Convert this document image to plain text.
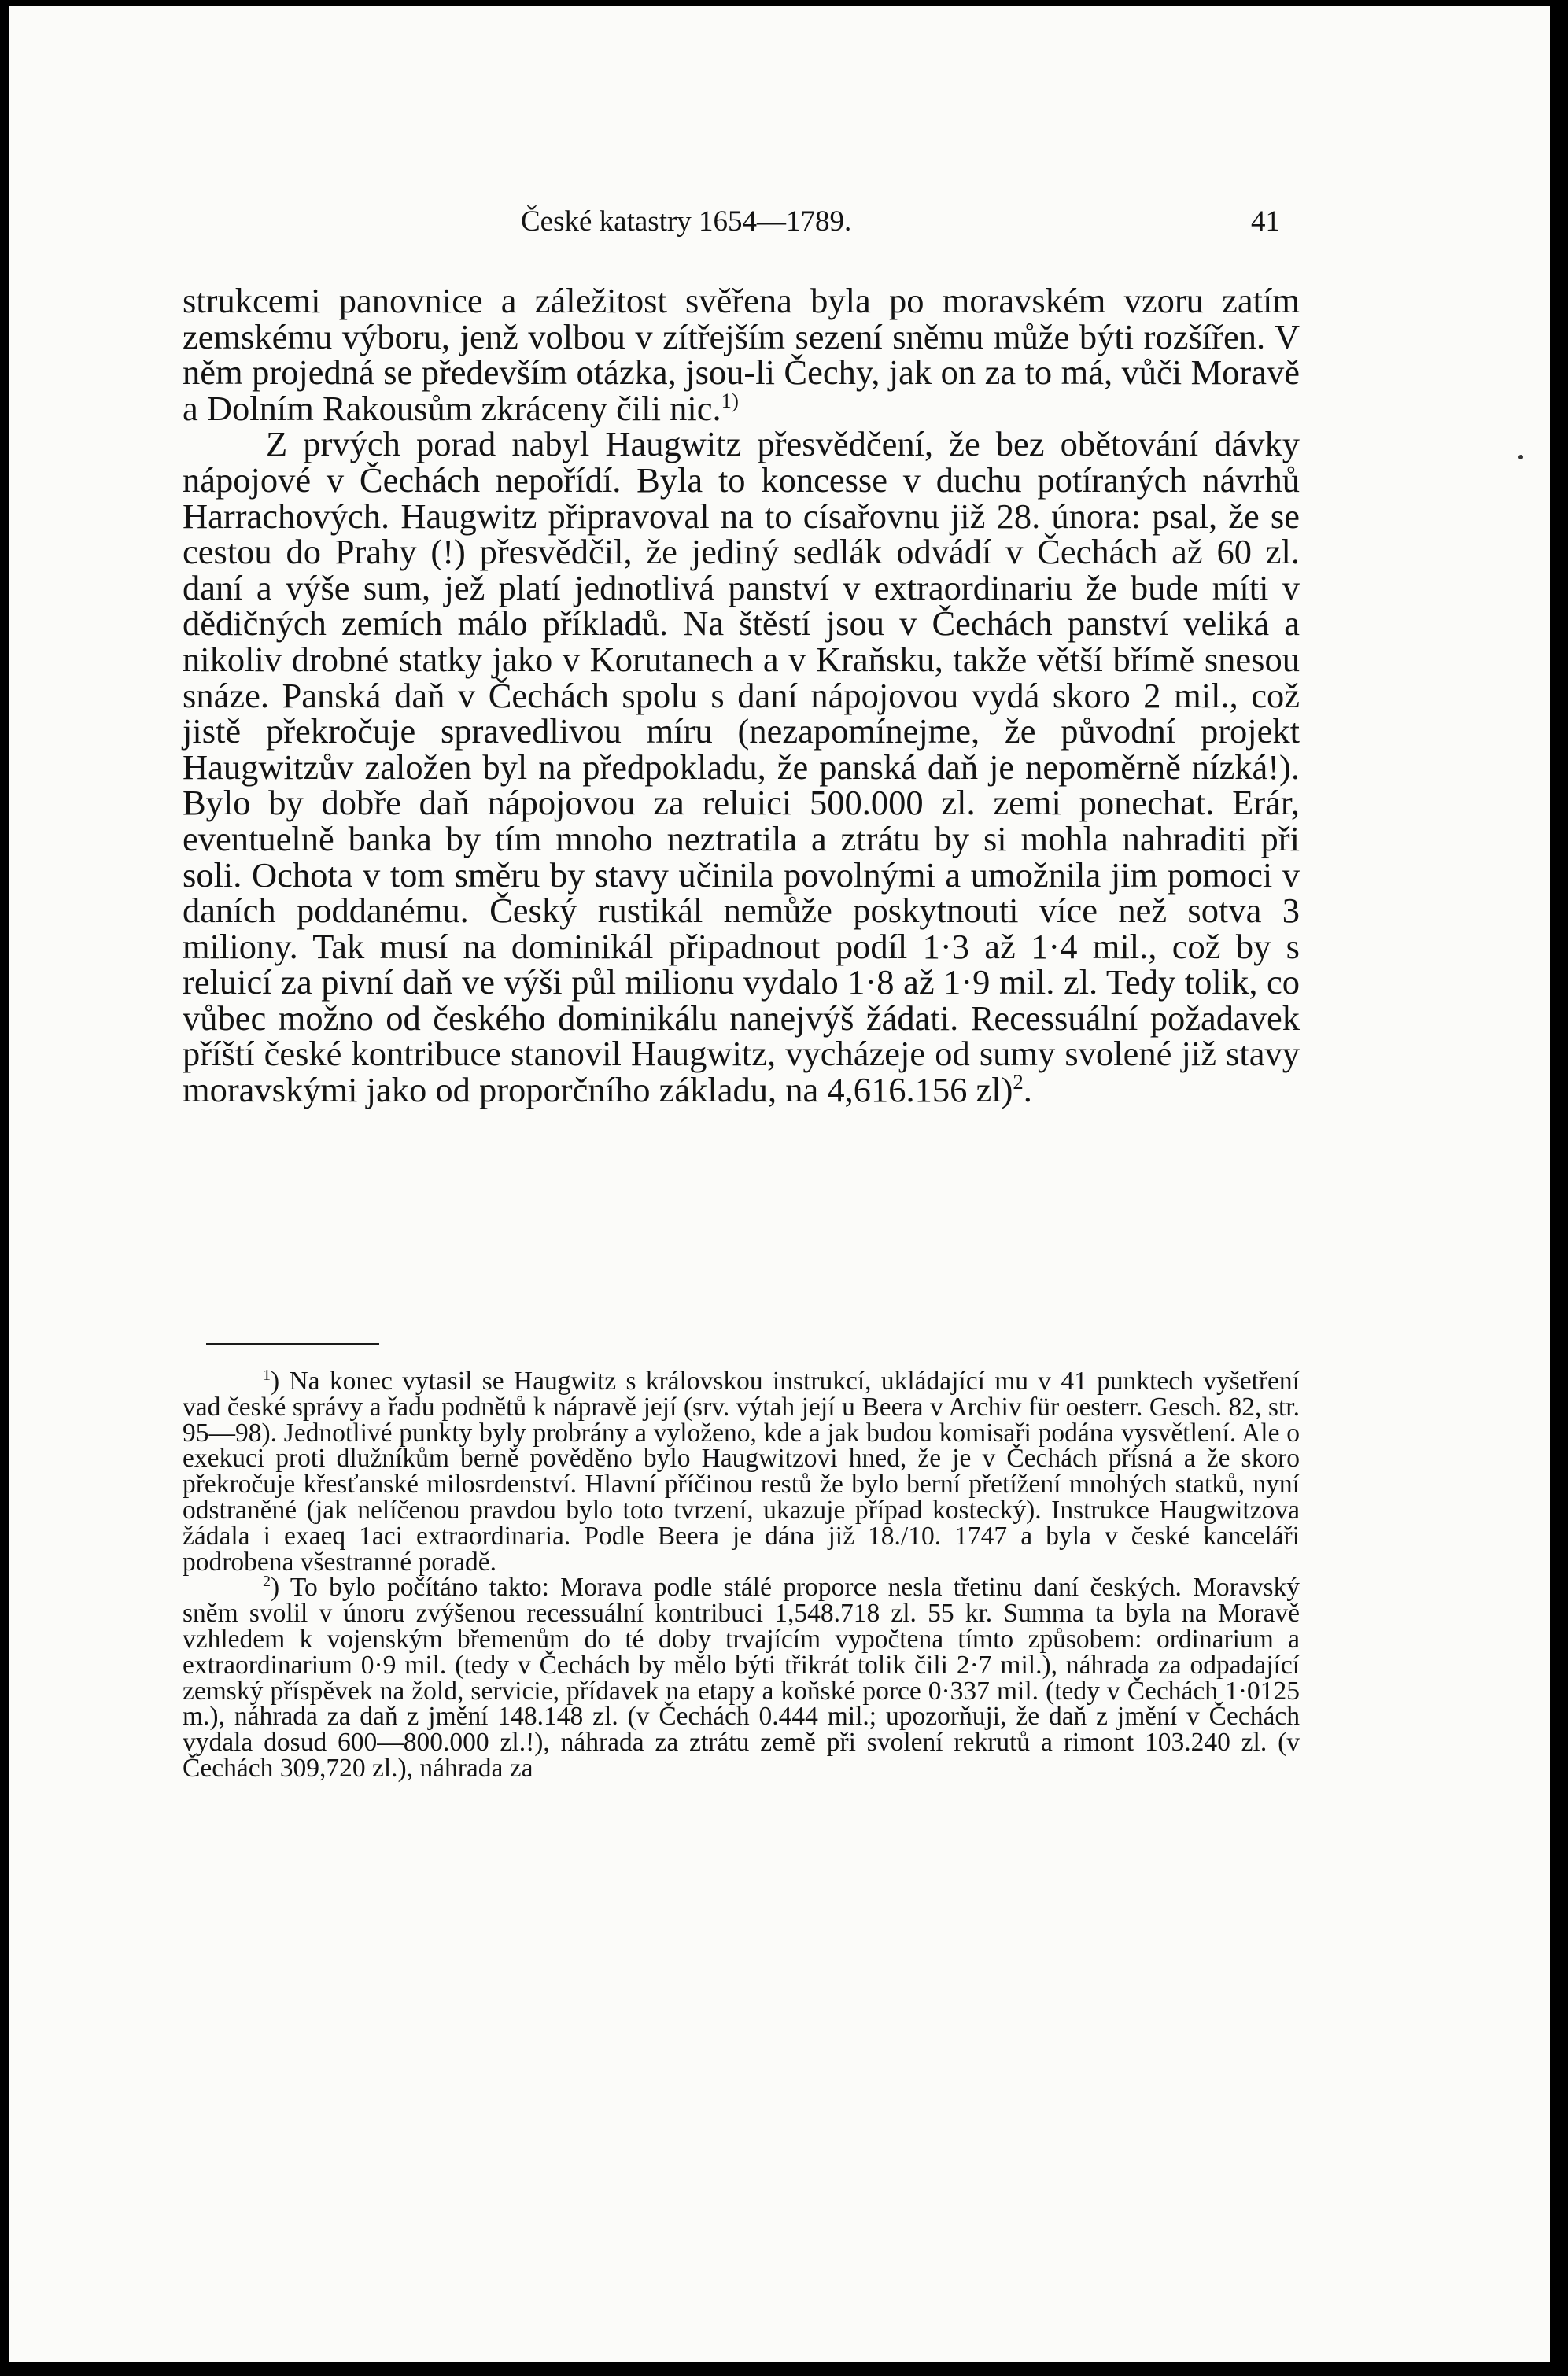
České katastry 1654—1789.	41

strukcemi panovnice a záležitost svěřena byla po moravském vzoru zatím zemskému výboru, jenž volbou v zítřejším sezení sněmu může býti rozšířen. V něm projedná se především otázka, jsou-li Čechy, jak on za to má, vůči Moravě a Dolním Rakousům zkráceny čili nic.$^{1)}$

Z prvých porad nabyl Haugwitz přesvědčení, že bez obětování dávky nápojové v Čechách nepořídí. Byla to koncesse v duchu potíraných návrhů Harrachových. Haugwitz připravoval na to císařovnu již 28. února: psal, že se cestou do Prahy (!) přesvědčil, že jediný sedlák odvádí v Čechách až 60 zl. daní a výše sum, jež platí jednotlivá panství v extraordinariu že bude míti v dědičných zemích málo příkladů. Na štěstí jsou v Čechách panství veliká a nikoliv drobné statky jako v Korutanech a v Kraňsku, takže větší břímě snesou snáze. Panská daň v Čechách spolu s daní nápojovou vydá skoro 2 mil., což jistě překročuje spravedlivou míru (nezapomínejme, že původní projekt Haugwitzův založen byl na předpokladu, že panská daň je nepoměrně nízká!). Bylo by dobře daň nápojovou za reluici 500.000 zl. zemi ponechat. Erár, eventuelně banka by tím mnoho neztratila a ztrátu by si mohla nahraditi při soli. Ochota v tom směru by stavy učinila povolnými a umožnila jim pomoci v daních poddanému. Český rustikál nemůže poskytnouti více než sotva 3 miliony. Tak musí na dominikál připadnout podíl 1·3 až 1·4 mil., což by s reluicí za pivní daň ve výši půl milionu vydalo 1·8 až 1·9 mil. zl. Tedy tolik, co vůbec možno od českého dominikálu nanejvýš žádati. Recessuální požadavek příští české kontribuce stanovil Haugwitz, vycházeje od sumy svolené již stavy moravskými jako od proporčního základu, na 4,616.156 zl)$^2$.

$^1$) Na konec vytasil se Haugwitz s královskou instrukcí, ukládající mu v 41 punktech vyšetření vad české správy a řadu podnětů k nápravě její (srv. výtah její u Beera v Archiv für oesterr. Gesch. 82, str. 95—98). Jednotlivé punkty byly probrány a vyloženo, kde a jak budou komisaři podána vysvětlení. Ale o exekuci proti dlužníkům berně pověděno bylo Haugwitzovi hned, že je v Čechách přísná a že skoro překročuje křesťanské milosrdenství. Hlavní příčinou restů že bylo berní přetížení mnohých statků, nyní odstraněné (jak nelíčenou pravdou bylo toto tvrzení, ukazuje případ kostecký). Instrukce Haugwitzova žádala i exaeq 1aci extraordinaria. Podle Beera je dána již 18./10. 1747 a byla v české kanceláři podrobena všestranné poradě.

$^2$) To bylo počítáno takto: Morava podle stálé proporce nesla třetinu daní českých. Moravský sněm svolil v únoru zvýšenou recessuální kontribuci 1,548.718 zl. 55 kr. Summa ta byla na Moravě vzhledem k vojenským břemenům do té doby trvajícím vypočtena tímto způsobem: ordinarium a extraordinarium 0·9 mil. (tedy v Čechách by mělo býti třikrát tolik čili 2·7 mil.), náhrada za odpadající zemský příspěvek na žold, servicie, přídavek na etapy a koňské porce 0·337 mil. (tedy v Čechách 1·0125 m.), náhrada za daň z jmění 148.148 zl. (v Čechách 0.444 mil.; upozorňuji, že daň z jmění v Čechách vydala dosud 600—800.000 zl.!), náhrada za ztrátu země při svolení rekrutů a rimont 103.240 zl. (v Čechách 309,720 zl.), náhrada za
